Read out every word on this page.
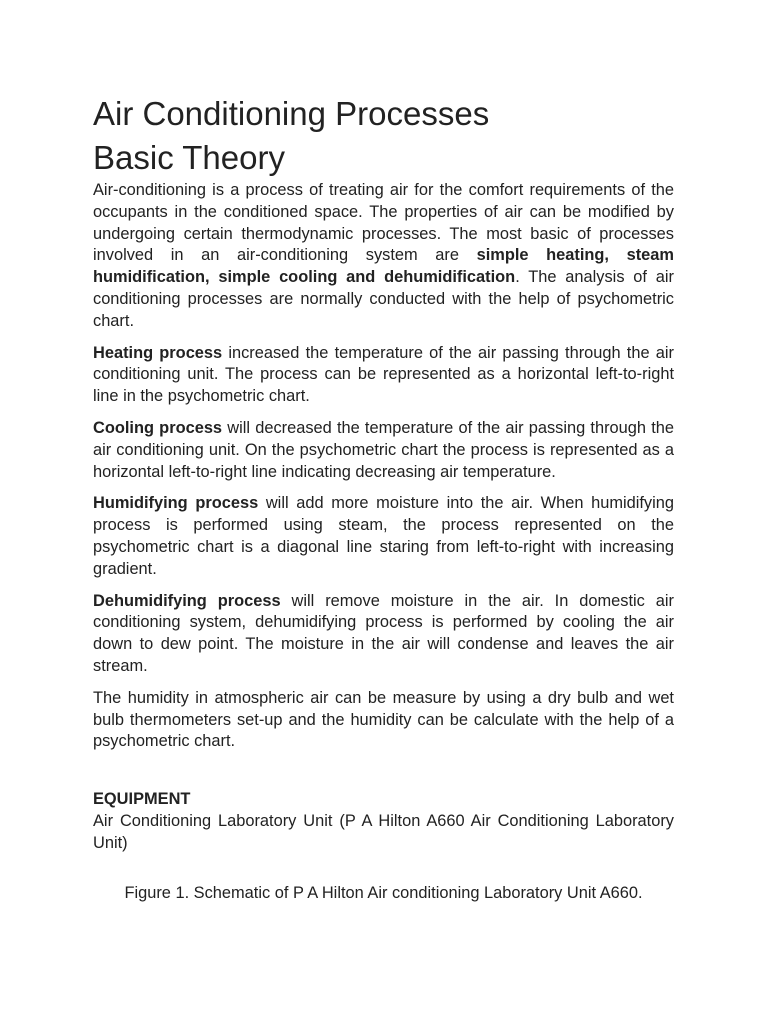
Air Conditioning Processes
Basic Theory

Air-conditioning is a process of treating air for the comfort requirements of the occupants in the conditioned space. The properties of air can be modified by undergoing certain thermodynamic processes. The most basic of processes involved in an air-conditioning system are simple heating, steam humidification, simple cooling and dehumidification. The analysis of air conditioning processes are normally conducted with the help of psychometric chart.

Heating process increased the temperature of the air passing through the air conditioning unit. The process can be represented as a horizontal left-to-right line in the psychometric chart.

Cooling process will decreased the temperature of the air passing through the air conditioning unit. On the psychometric chart the process is represented as a horizontal left-to-right line indicating decreasing air temperature.

Humidifying process will add more moisture into the air. When humidifying process is performed using steam, the process represented on the psychometric chart is a diagonal line staring from left-to-right with increasing gradient.

Dehumidifying process will remove moisture in the air. In domestic air conditioning system, dehumidifying process is performed by cooling the air down to dew point. The moisture in the air will condense and leaves the air stream.

The humidity in atmospheric air can be measure by using a dry bulb and wet bulb thermometers set-up and the humidity can be calculate with the help of a psychometric chart.

EQUIPMENT

Air Conditioning Laboratory Unit (P A Hilton A660 Air Conditioning Laboratory Unit)

Figure 1. Schematic of P A Hilton Air conditioning Laboratory Unit A660.
